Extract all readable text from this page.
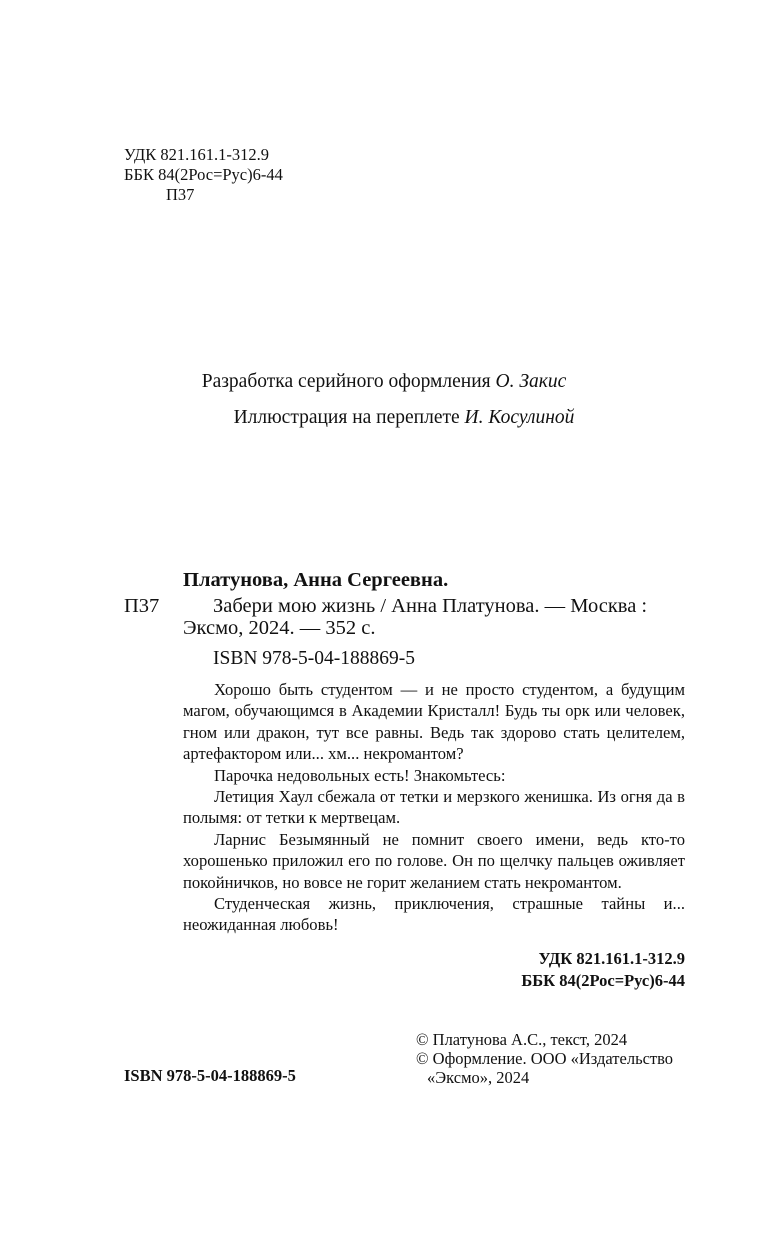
УДК 821.161.1-312.9
ББК 84(2Рос=Рус)6-44
П37
Разработка серийного оформления О. Закис
Иллюстрация на переплете И. Косулиной
Платунова, Анна Сергеевна.
П37	Забери мою жизнь / Анна Платунова. — Москва :
Эксмо, 2024. — 352 с.
ISBN 978-5-04-188869-5

Хорошо быть студентом — и не просто студентом, а будущим магом, обучающимся в Академии Кристалл! Будь ты орк или человек, гном или дракон, тут все равны. Ведь так здорово стать целителем, артефактором или... хм... некромантом?

Парочка недовольных есть! Знакомьтесь:

Летиция Хаул сбежала от тетки и мерзкого женишка. Из огня да в полымя: от тетки к мертвецам.

Ларнис Безымянный не помнит своего имени, ведь кто-то хорошенько приложил его по голове. Он по щелчку пальцев оживляет покойничков, но вовсе не горит желанием стать некромантом.

Студенческая жизнь, приключения, страшные тайны и... неожиданная любовь!

УДК 821.161.1-312.9
ББК 84(2Рос=Рус)6-44
ISBN 978-5-04-188869-5
© Платунова А.С., текст, 2024
© Оформление. ООО «Издательство
«Эксмо», 2024
